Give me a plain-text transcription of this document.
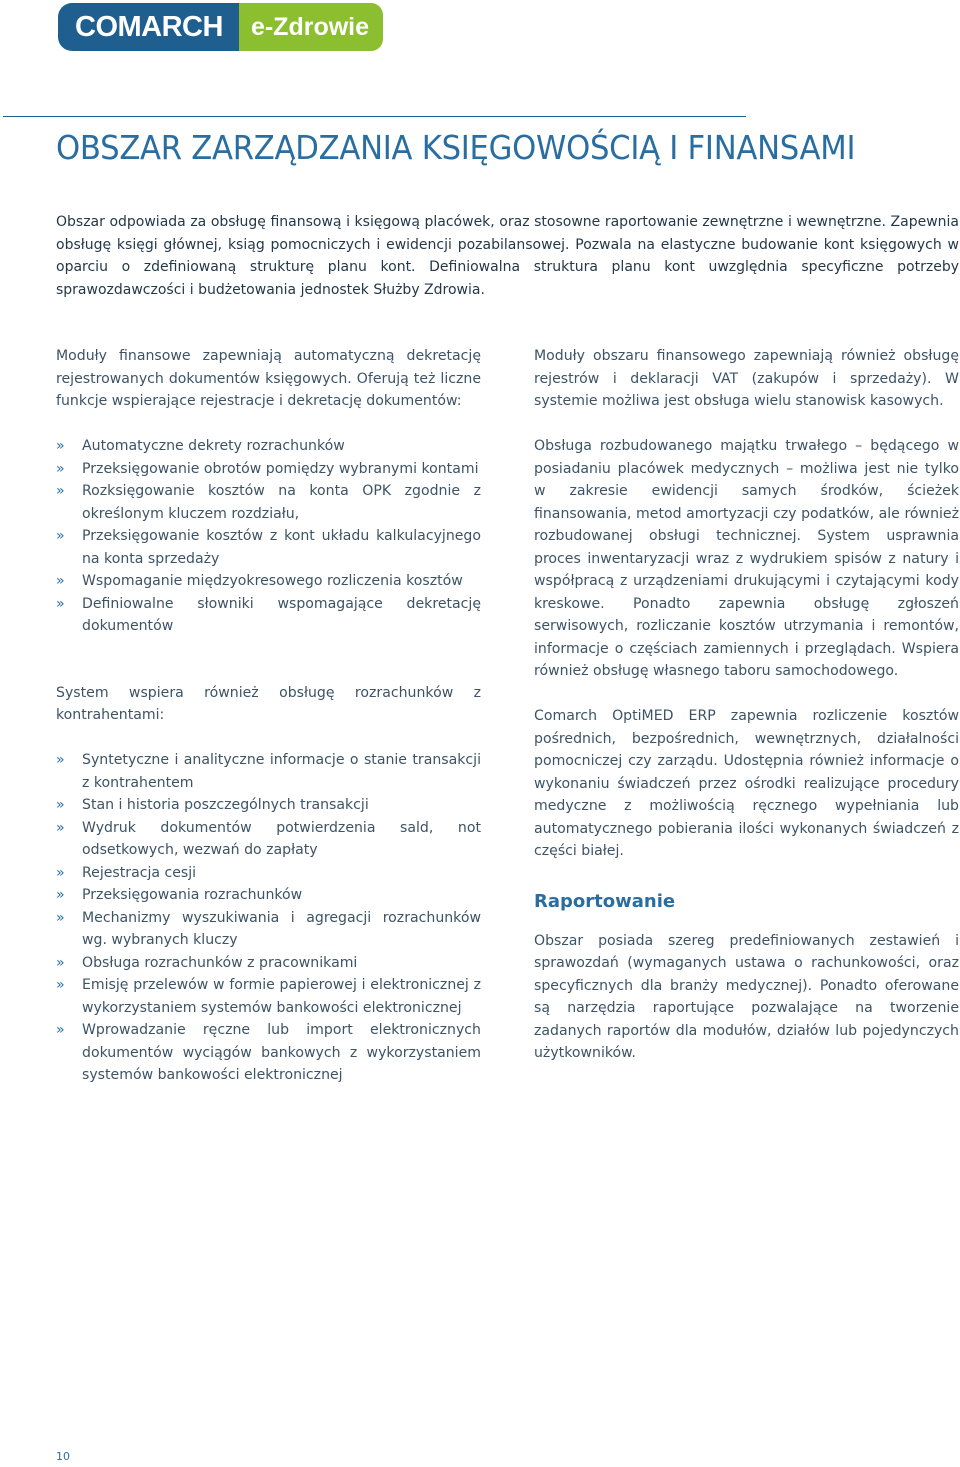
COMARCH	e-Zdrowie
OBSZAR ZARZĄDZANIA KSIĘGOWOŚCIĄ I FINANSAMI

Obszar odpowiada za obsługę finansową i księgową placówek, oraz stosowne raportowanie zewnętrzne i wewnętrzne. Zapewnia obsługę księgi głównej, ksiąg pomocniczych i ewidencji pozabilansowej. Pozwala na elastyczne budowanie kont księgowych w oparciu o zdefiniowaną strukturę planu kont. Definiowalna struktura planu kont uwzględnia specyficzne potrzeby sprawozdawczości i budżetowania jednostek Służby Zdrowia.

Moduły finansowe zapewniają automatyczną dekretację rejestrowanych dokumentów księgowych. Oferują też liczne funkcje wspierające rejestracje i dekretację dokumentów:

» Automatyczne dekrety rozrachunków
» Przeksięgowanie obrotów pomiędzy wybranymi kontami
» Rozksięgowanie kosztów na konta OPK zgodnie z określonym kluczem rozdziału,
» Przeksięgowanie kosztów z kont układu kalkulacyjnego na konta sprzedaży
» Wspomaganie międzyokresowego rozliczenia kosztów
» Definiowalne słowniki wspomagające dekretację dokumentów

System wspiera również obsługę rozrachunków z kontrahentami:

» Syntetyczne i analityczne informacje o stanie transakcji z kontrahentem
» Stan i historia poszczególnych transakcji
» Wydruk dokumentów potwierdzenia sald, not odsetkowych, wezwań do zapłaty
» Rejestracja cesji
» Przeksięgowania rozrachunków
» Mechanizmy wyszukiwania i agregacji rozrachunków wg. wybranych kluczy
» Obsługa rozrachunków z pracownikami
» Emisję przelewów w formie papierowej i elektronicznej z wykorzystaniem systemów bankowości elektronicznej
» Wprowadzanie ręczne lub import elektronicznych dokumentów wyciągów bankowych z wykorzystaniem systemów bankowości elektronicznej

Moduły obszaru finansowego zapewniają również obsługę rejestrów i deklaracji VAT (zakupów i sprzedaży). W systemie możliwa jest obsługa wielu stanowisk kasowych.

Obsługa rozbudowanego majątku trwałego – będącego w posiadaniu placówek medycznych – możliwa jest nie tylko w zakresie ewidencji samych środków, ścieżek finansowania, metod amortyzacji czy podatków, ale również rozbudowanej obsługi technicznej. System usprawnia proces inwentaryzacji wraz z wydrukiem spisów z natury i współpracą z urządzeniami drukującymi i czytającymi kody kreskowe. Ponadto zapewnia obsługę zgłoszeń serwisowych, rozliczanie kosztów utrzymania i remontów, informacje o częściach zamiennych i przeglądach. Wspiera również obsługę własnego taboru samochodowego.

Comarch OptiMED ERP zapewnia rozliczenie kosztów pośrednich, bezpośrednich, wewnętrznych, działalności pomocniczej czy zarządu. Udostępnia również informacje o wykonaniu świadczeń przez ośrodki realizujące procedury medyczne z możliwością ręcznego wypełniania lub automatycznego pobierania ilości wykonanych świadczeń z części białej.

Raportowanie

Obszar posiada szereg predefiniowanych zestawień i sprawozdań (wymaganych ustawa o rachunkowości, oraz specyficznych dla branży medycznej). Ponadto oferowane są narzędzia raportujące pozwalające na tworzenie zadanych raportów dla modułów, działów lub pojedynczych użytkowników.

10
